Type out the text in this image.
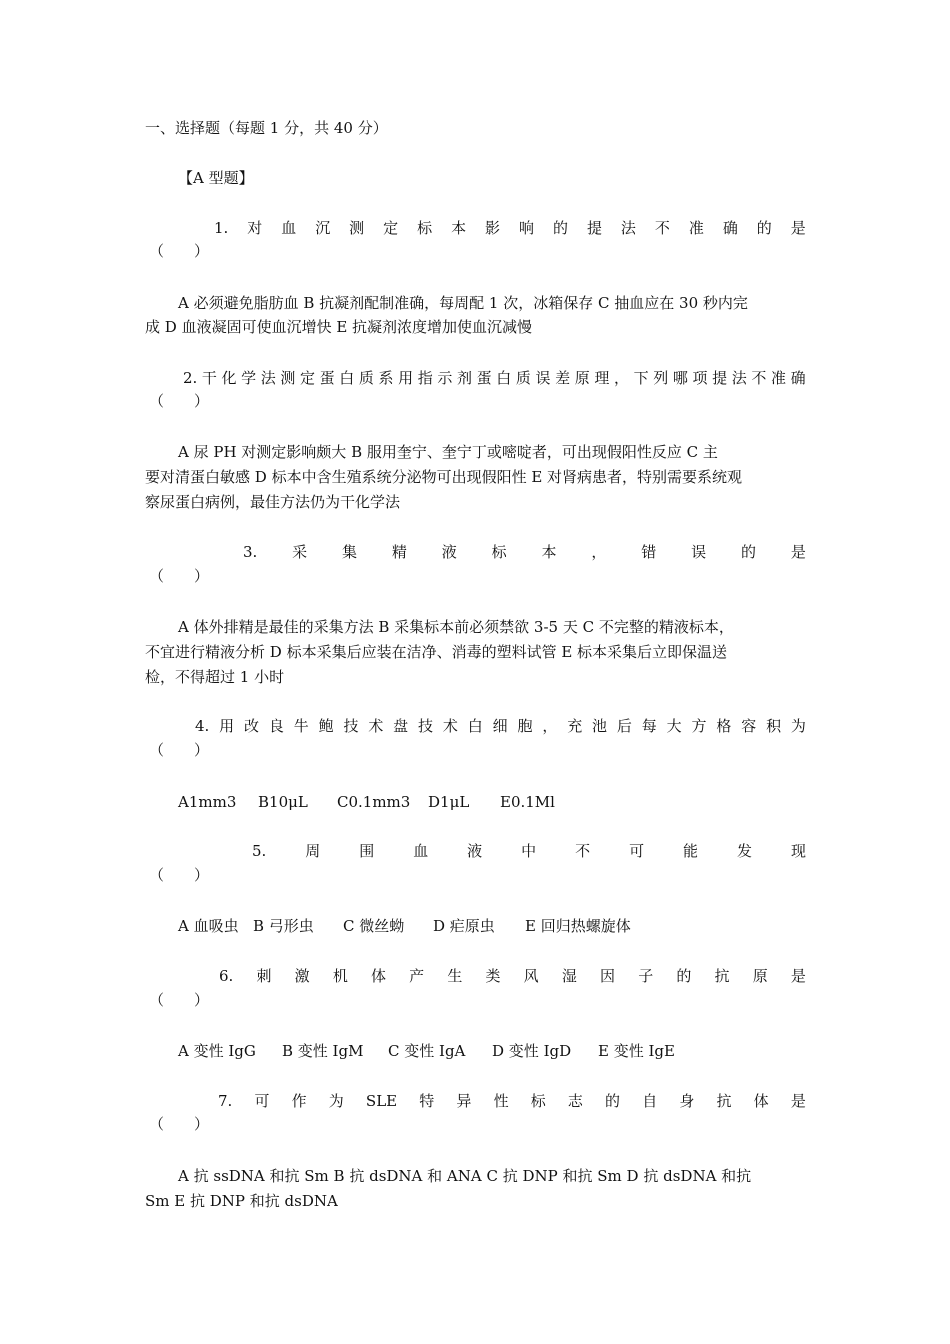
一、选择题（每题 1 分，共 40 分）
【A 型题】
1. 对 血 沉 测 定 标 本 影 响 的 提 法 不 准 确 的 是
（　　）
A 必须避免脂肪血 B 抗凝剂配制准确，每周配 1 次，冰箱保存 C 抽血应在 30 秒内完
成 D 血液凝固可使血沉增快 E 抗凝剂浓度增加使血沉减慢
2. 干 化 学 法 测 定 蛋 白 质 系 用 指 示 剂 蛋 白 质 误 差 原 理 ， 下 列 哪 项 提 法 不 准 确
（　　）
A 尿 PH 对测定影响颇大 B 服用奎宁、奎宁丁或嘧啶者，可出现假阳性反应 C 主
要对清蛋白敏感 D 标本中含生殖系统分泌物可出现假阳性 E 对肾病患者，特别需要系统观
察尿蛋白病例，最佳方法仍为干化学法
3. 采 集 精 液 标 本 ， 错 误 的 是
（　　）
A 体外排精是最佳的采集方法 B 采集标本前必须禁欲 3-5 天 C 不完整的精液标本，
不宜进行精液分析 D 标本采集后应装在洁净、消毒的塑料试管 E 标本采集后立即保温送
检，不得超过 1 小时
4. 用 改 良 牛 鲍 技 术 盘 技 术 白 细 胞 ， 充 池 后 每 大 方 格 容 积 为
（　　）
A1mm3 B10μL C0.1mm3 D1μL E0.1Ml
5.	周	围	血	液	中	不	可	能	发	现
（　　）
A 血吸虫 B 弓形虫 C 微丝蚴 D 疟原虫 E 回归热螺旋体
6. 刺 激 机 体 产 生 类 风 湿 因 子 的 抗 原 是
（　　）
A 变性 IgG B 变性 IgM C 变性 IgA D 变性 IgD E 变性 IgE
7. 可 作 为 SLE 特 异 性 标 志 的 自 身 抗 体 是
（　　）
A 抗 ssDNA 和抗 Sm B 抗 dsDNA 和 ANA C 抗 DNP 和抗 Sm D 抗 dsDNA 和抗
Sm E 抗 DNP 和抗 dsDNA
